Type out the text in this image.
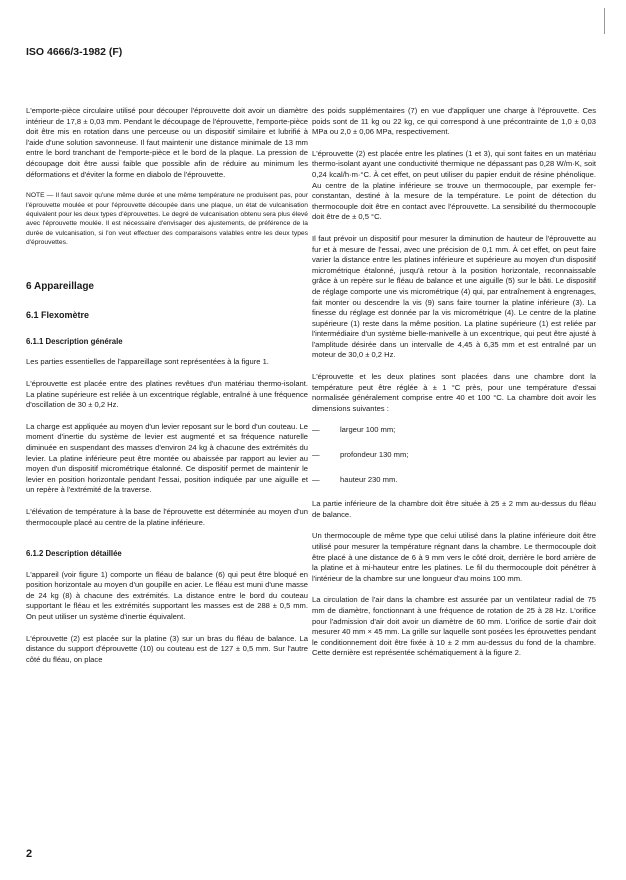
ISO 4666/3-1982 (F)

L'emporte-pièce circulaire utilisé pour découper l'éprouvette doit avoir un diamètre intérieur de 17,8 ± 0,03 mm. Pendant le découpage de l'éprouvette, l'emporte-pièce doit être mis en rotation dans une perceuse ou un dispositif similaire et lubrifié à l'aide d'une solution savonneuse. Il faut maintenir une distance minimale de 13 mm entre le bord tranchant de l'emporte-pièce et le bord de la plaque. La pression de découpage doit être aussi faible que possible afin de réduire au minimum les déformations et d'éviter la forme en diabolo de l'éprouvette.

NOTE — Il faut savoir qu'une même durée et une même température ne produisent pas, pour l'éprouvette moulée et pour l'éprouvette découpée dans une plaque, un état de vulcanisation équivalent pour les deux types d'éprouvettes. Le degré de vulcanisation obtenu sera plus élevé avec l'éprouvette moulée. Il est nécessaire d'envisager des ajustements, de préférence de la durée de vulcanisation, si l'on veut effectuer des comparaisons valables entre les deux types d'éprouvettes.

6 Appareillage
6.1 Flexomètre
6.1.1 Description générale

Les parties essentielles de l'appareillage sont représentées à la figure 1.

L'éprouvette est placée entre des platines revêtues d'un matériau thermo-isolant. La platine supérieure est reliée à un excentrique réglable, entraîné à une fréquence d'oscillation de 30 ± 0,2 Hz.

La charge est appliquée au moyen d'un levier reposant sur le bord d'un couteau. Le moment d'inertie du système de levier est augmenté et sa fréquence naturelle diminuée en suspendant des masses d'environ 24 kg à chacune des extrémités du levier. La platine inférieure peut être montée ou abaissée par rapport au levier au moyen d'un dispositif micrométrique étalonné. Ce dispositif permet de maintenir le levier en position horizontale pendant l'essai, position indiquée par une aiguille et un repère à l'extrémité de la traverse.

L'élévation de température à la base de l'éprouvette est déterminée au moyen d'un thermocouple placé au centre de la platine inférieure.

6.1.2 Description détaillée

L'appareil (voir figure 1) comporte un fléau de balance (6) qui peut être bloqué en position horizontale au moyen d'un goupille en acier. Le fléau est muni d'une masse de 24 kg (8) à chacune des extrémités. La distance entre le bord du couteau supportant le fléau et les extrémités supportant les masses est de 288 ± 0,5 mm. On peut utiliser un système d'inertie équivalent.

L'éprouvette (2) est placée sur la platine (3) sur un bras du fléau de balance. La distance du support d'éprouvette (10) ou couteau est de 127 ± 0,5 mm. Sur l'autre côté du fléau, on place

des poids supplémentaires (7) en vue d'appliquer une charge à l'éprouvette. Ces poids sont de 11 kg ou 22 kg, ce qui correspond à une précontrainte de 1,0 ± 0,03 MPa ou 2,0 ± 0,06 MPa, respectivement.

L'éprouvette (2) est placée entre les platines (1 et 3), qui sont faites en un matériau thermo-isolant ayant une conductivité thermique ne dépassant pas 0,28 W/m·K, soit 0,24 kcal/h·m·°C. À cet effet, on peut utiliser du papier enduit de résine phénolique. Au centre de la platine inférieure se trouve un thermocouple, par exemple fer-constantan, destiné à la mesure de la température. Le point de détection du thermocouple doit être en contact avec l'éprouvette. La sensibilité du thermocouple doit être de ± 0,5 °C.

Il faut prévoir un dispositif pour mesurer la diminution de hauteur de l'éprouvette au fur et à mesure de l'essai, avec une précision de 0,1 mm. À cet effet, on peut faire varier la distance entre les platines inférieure et supérieure au moyen d'un dispositif micrométrique étalonné, jusqu'à retour à la position horizontale, reconnaissable grâce à un repère sur le fléau de balance et une aiguille (5) sur le bâti. Le dispositif de réglage comporte une vis micrométrique (4) qui, par entraînement à engrenages, fait monter ou descendre la vis (9) sans faire tourner la platine inférieure (3). La finesse du réglage est donnée par la vis micrométrique (4). Le centre de la platine supérieure (1) reste dans la même position. La platine supérieure (1) est reliée par l'intermédiaire d'un système bielle-manivelle à un excentrique, qui peut être ajusté à l'amplitude désirée dans un intervalle de 4,45 à 6,35 mm et est entraîné par un moteur de 30,0 ± 0,2 Hz.

L'éprouvette et les deux platines sont placées dans une chambre dont la température peut être réglée à ± 1 °C près, pour une température d'essai normalisée généralement comprise entre 40 et 100 °C. La chambre doit avoir les dimensions suivantes :

—	largeur 100 mm;
—	profondeur 130 mm;
—	hauteur 230 mm.

La partie inférieure de la chambre doit être située à 25 ± 2 mm au-dessus du fléau de balance.

Un thermocouple de même type que celui utilisé dans la platine inférieure doit être utilisé pour mesurer la température régnant dans la chambre. Le thermocouple doit être placé à une distance de 6 à 9 mm vers le côté droit, derrière le bord arrière de la platine et à mi-hauteur entre les platines. Le fil du thermocouple doit pénétrer à l'intérieur de la chambre sur une longueur d'au moins 100 mm.

La circulation de l'air dans la chambre est assurée par un ventilateur radial de 75 mm de diamètre, fonctionnant à une fréquence de rotation de 25 à 28 Hz. L'orifice pour l'admission d'air doit avoir un diamètre de 60 mm. L'orifice de sortie d'air doit mesurer 40 mm × 45 mm. La grille sur laquelle sont posées les éprouvettes pendant le conditionnement doit être fixée à 10 ± 2 mm au-dessus du fond de la chambre. Cette dernière est représentée schématiquement à la figure 2.

2
